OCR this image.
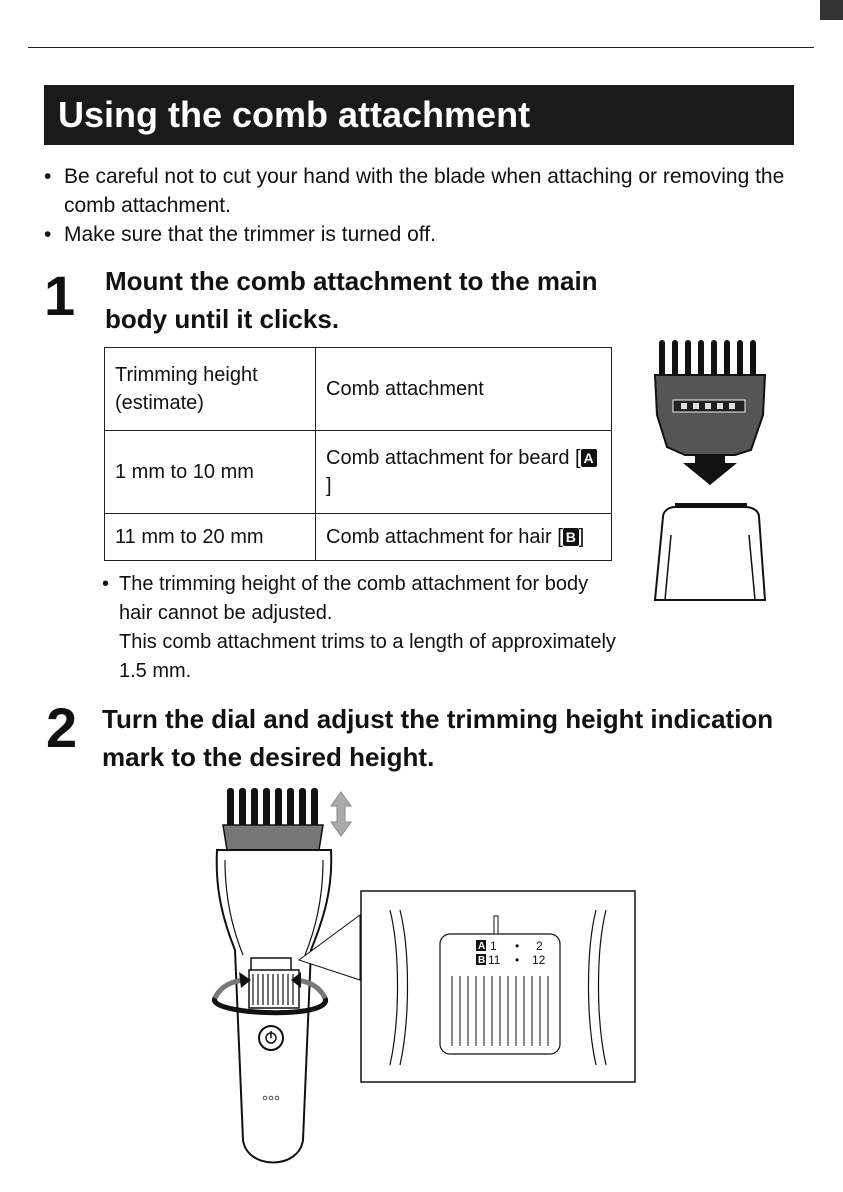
Using the comb attachment
• Be careful not to cut your hand with the blade when attaching or removing the comb attachment.
• Make sure that the trimmer is turned off.
1 Mount the comb attachment to the main body until it clicks.
Trimming height (estimate)	Comb attachment
1 mm to 10 mm	Comb attachment for beard [ A]
11 mm to 20 mm	Comb attachment for hair [ B ]
• The trimming height of the comb attachment for body hair cannot be adjusted.
This comb attachment trims to a length of approximately 1.5 mm.
2 Turn the dial and adjust the trimming height indication mark to the desired height.
A 1 • 2
B 11 • 12
